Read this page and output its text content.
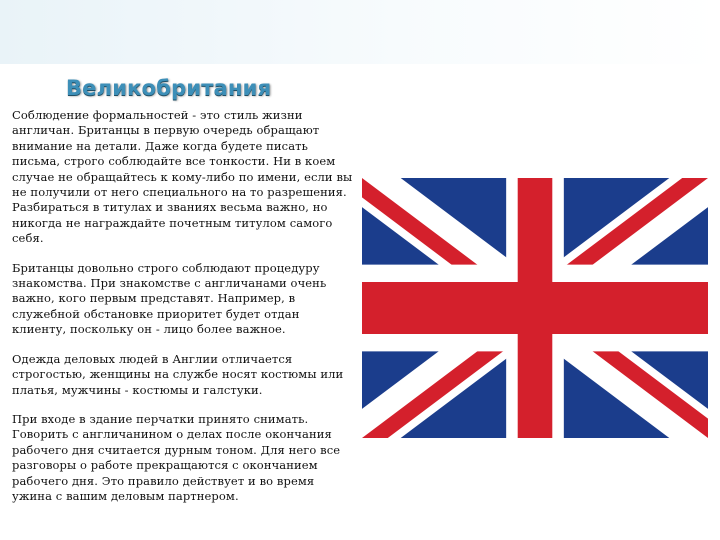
Великобритания

Соблюдение формальностей - это стиль жизни
англичан. Британцы в первую очередь обращают
внимание на детали. Даже когда будете писать
письма, строго соблюдайте все тонкости. Ни в коем
случае не обращайтесь к кому-либо по имени, если вы
не получили от него специального на то разрешения.
Разбираться в титулах и званиях весьма важно, но
никогда не награждайте почетным титулом самого
себя.

Британцы довольно строго соблюдают процедуру
знакомства. При знакомстве с англичанами очень
важно, кого первым представят. Например, в
служебной обстановке приоритет будет отдан
клиенту, поскольку он - лицо более важное.

Одежда деловых людей в Англии отличается
строгостью, женщины на службе носят костюмы или
платья, мужчины - костюмы и галстуки.

При входе в здание перчатки принято снимать.
Говорить с англичанином о делах после окончания
рабочего дня считается дурным тоном. Для него все
разговоры о работе прекращаются с окончанием
рабочего дня. Это правило действует и во время
ужина с вашим деловым партнером.
